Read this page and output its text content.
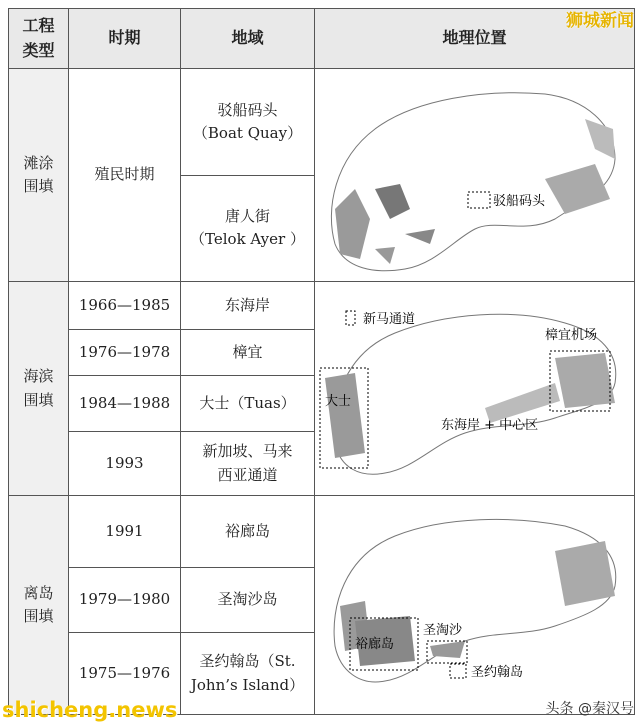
工程
类型	时期	地域	地理位置
滩涂
围填	殖民时期	驳船码头
（Boat Quay）	驳船码头

		唐人街
（Telok Ayer ）	
海滨
围填	1966—1985	东海岸	新马通道
樟宜机场
大士
东海岸 + 中心区

	1976—1978	樟宜	
	1984—1988	大士（Tuas）	
	1993	新加坡、马来
西亚通道	
离岛
围填	1991	裕廊岛	圣淘沙
裕廊岛
圣约翰岛

	1979—1980	圣淘沙岛	
	1975—1976	圣约翰岛（St.
John’s Island）	
狮城新闻
shicheng.news	头条 @秦汉号
